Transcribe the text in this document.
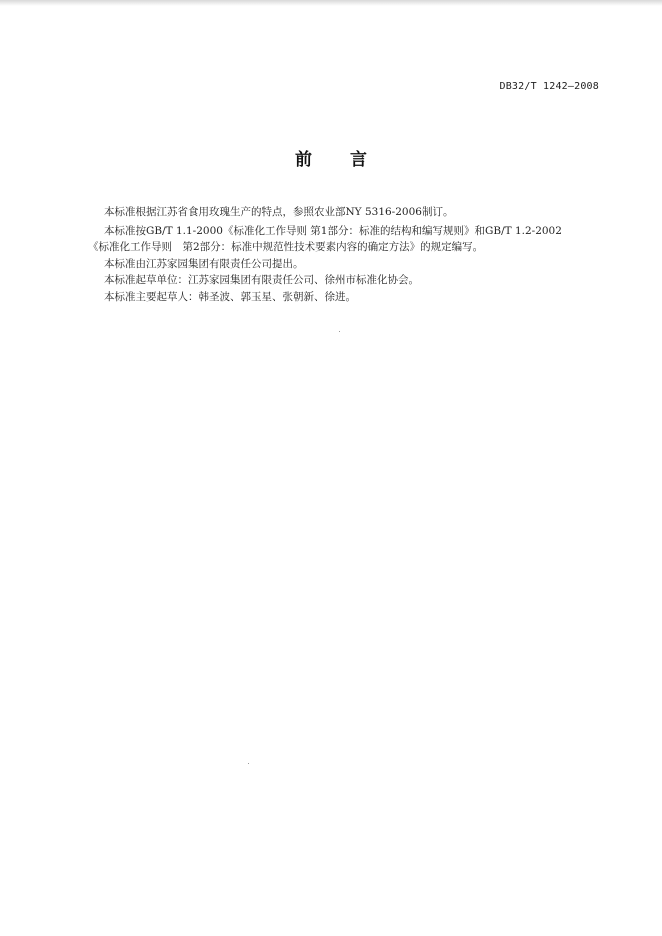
DB32/T 1242—2008
前言

本标准根据江苏省食用玫瑰生产的特点，参照农业部NY 5316-2006制订。

本标准按GB/T 1.1-2000《标准化工作导则 第1部分：标准的结构和编写规则》和GB/T 1.2-2002

《标准化工作导则　第2部分：标准中规范性技术要素内容的确定方法》的规定编写。

本标准由江苏家园集团有限责任公司提出。

本标准起草单位：江苏家园集团有限责任公司、徐州市标准化协会。

本标准主要起草人：韩圣波、郭玉星、张朝新、徐进。
